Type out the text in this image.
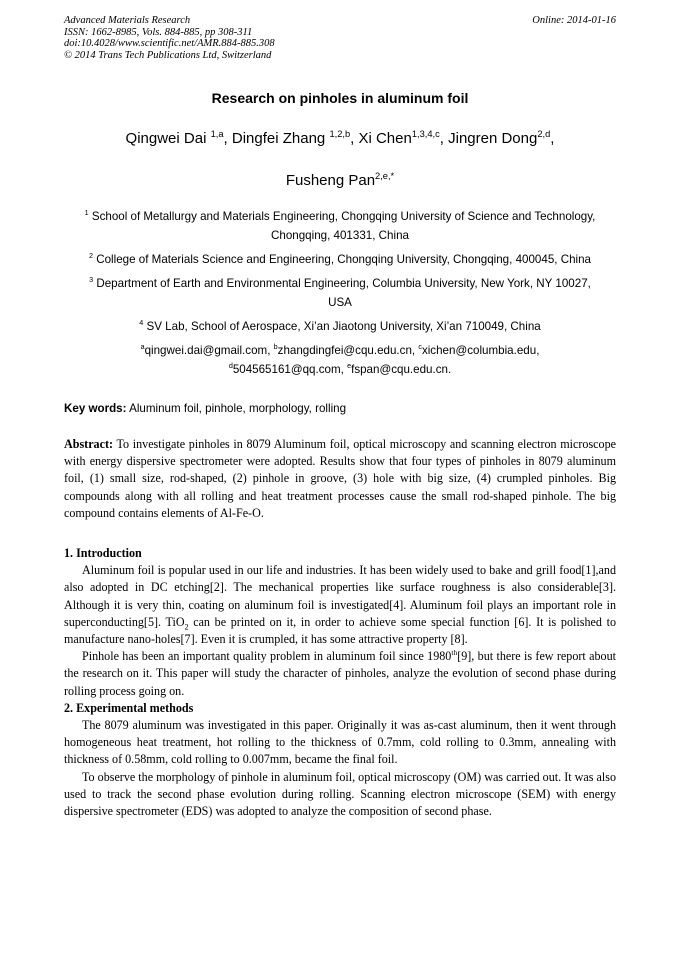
Advanced Materials Research
ISSN: 1662-8985, Vols. 884-885, pp 308-311
doi:10.4028/www.scientific.net/AMR.884-885.308
© 2014 Trans Tech Publications Ltd, Switzerland
Online: 2014-01-16
Research on pinholes in aluminum foil
Qingwei Dai $^{1,a}$, Dingfei Zhang $^{1,2,b}$, Xi Chen$^{1,3,4,c}$, Jingren Dong$^{2,d}$,
Fusheng Pan$^{2,e,*}$
$^1$ School of Metallurgy and Materials Engineering, Chongqing University of Science and Technology,
Chongqing, 401331, China
$^2$ College of Materials Science and Engineering, Chongqing University, Chongqing, 400045, China
$^3$ Department of Earth and Environmental Engineering, Columbia University, New York, NY 10027,
USA
$^4$ SV Lab, School of Aerospace, Xi’an Jiaotong University, Xi’an 710049, China
$^a$qingwei.dai@gmail.com, $^b$zhangdingfei@cqu.edu.cn, $^c$xichen@columbia.edu,
$^d$504565161@qq.com, $^e$fspan@cqu.edu.cn.
Key words: Aluminum foil, pinhole, morphology, rolling

Abstract: To investigate pinholes in 8079 Aluminum foil, optical microscopy and scanning electron microscope with energy dispersive spectrometer were adopted. Results show that four types of pinholes in 8079 aluminum foil, (1) small size, rod-shaped, (2) pinhole in groove, (3) hole with big size, (4) crumpled pinholes. Big compounds along with all rolling and heat treatment processes cause the small rod-shaped pinhole. The big compound contains elements of Al-Fe-O.

1. Introduction

Aluminum foil is popular used in our life and industries. It has been widely used to bake and grill food[1],and also adopted in DC etching[2]. The mechanical properties like surface roughness is also considerable[3]. Although it is very thin, coating on aluminum foil is investigated[4]. Aluminum foil plays an important role in superconducting[5]. TiO$_2$ can be printed on it, in order to achieve some special function [6]. It is polished to manufacture nano-holes[7]. Even it is crumpled, it has some attractive property [8].

Pinhole has been an important quality problem in aluminum foil since 1980th[9], but there is few report about the research on it. This paper will study the character of pinholes, analyze the evolution of second phase during rolling process going on.

2. Experimental methods

The 8079 aluminum was investigated in this paper. Originally it was as-cast aluminum, then it went through homogeneous heat treatment, hot rolling to the thickness of 0.7mm, cold rolling to 0.3mm, annealing with thickness of 0.58mm, cold rolling to 0.007mm, became the final foil.

To observe the morphology of pinhole in aluminum foil, optical microscopy (OM) was carried out. It was also used to track the second phase evolution during rolling. Scanning electron microscope (SEM) with energy dispersive spectrometer (EDS) was adopted to analyze the composition of second phase.
